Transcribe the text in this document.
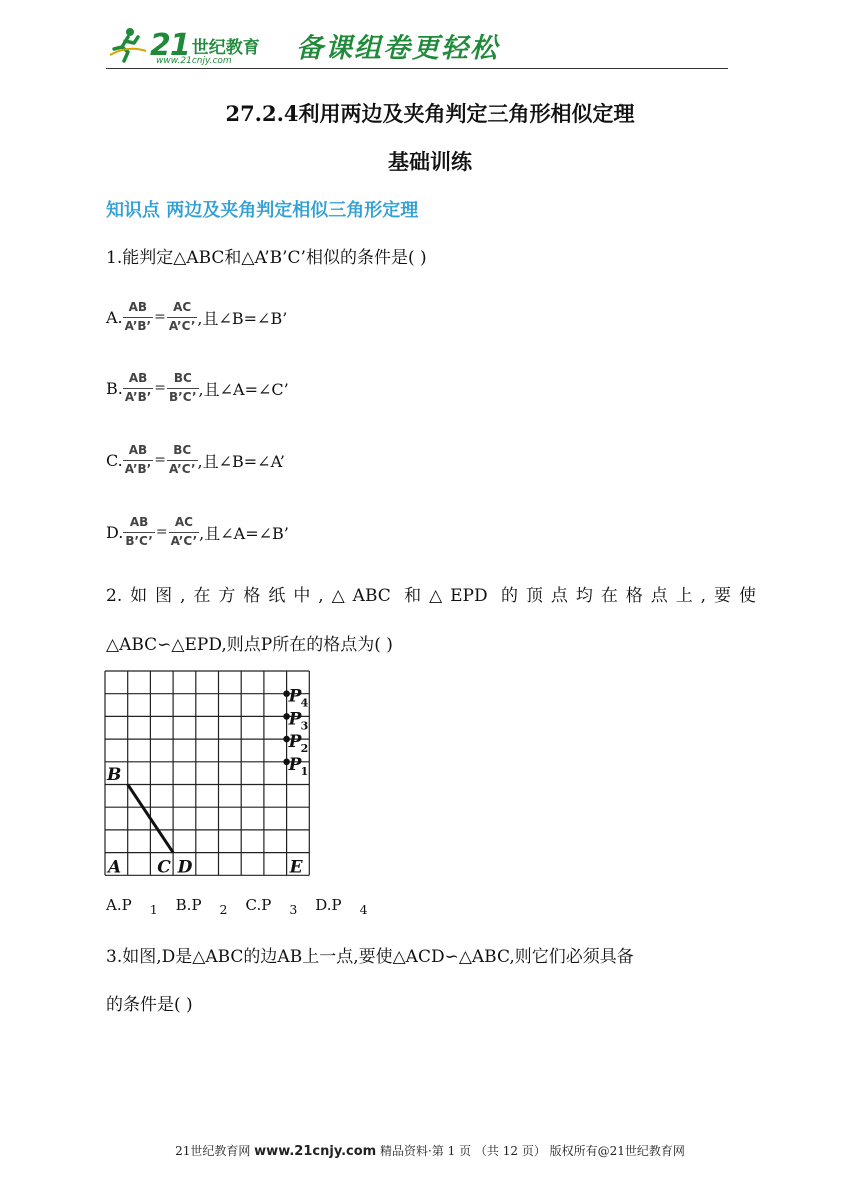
21 世纪教育
www.21cnjy.com 备课组卷更轻松
27.2.4利用两边及夹角判定三角形相似定理
基础训练
知识点 两边及夹角判定相似三角形定理
1.能判定△ABC和△A’B’C’相似的条件是( )
A. $\frac{AB}{A’B’} = \frac{AC}{A’C’}$ ,且∠B=∠B’
B. $\frac{AB}{A’B’} = \frac{BC}{B’C’}$ ,且∠A=∠C’
C. $\frac{AB}{A’B’} = \frac{BC}{A’C’}$ ,且∠B=∠A’
D. $\frac{AB}{B’C’} = \frac{AC}{A’C’}$ ,且∠A=∠B’
2.如图,在方格纸中,△ABC 和△EPD 的顶点均在格点上,要使
△ABC∽△EPD,则点P所在的格点为( )
B
A C D	E
P
P
P
P
4
3
2
1
A.P $_1$ B.P $_2$ C.P $_3$ D.P $_4$
3.如图,D是△ABC的边AB上一点,要使△ACD∽△ABC,则它们必须具备
的条件是( )
21世纪教育网 www.21cnjy.com 精品资料·第 1 页 （共 12 页） 版权所有@21世纪教育网
